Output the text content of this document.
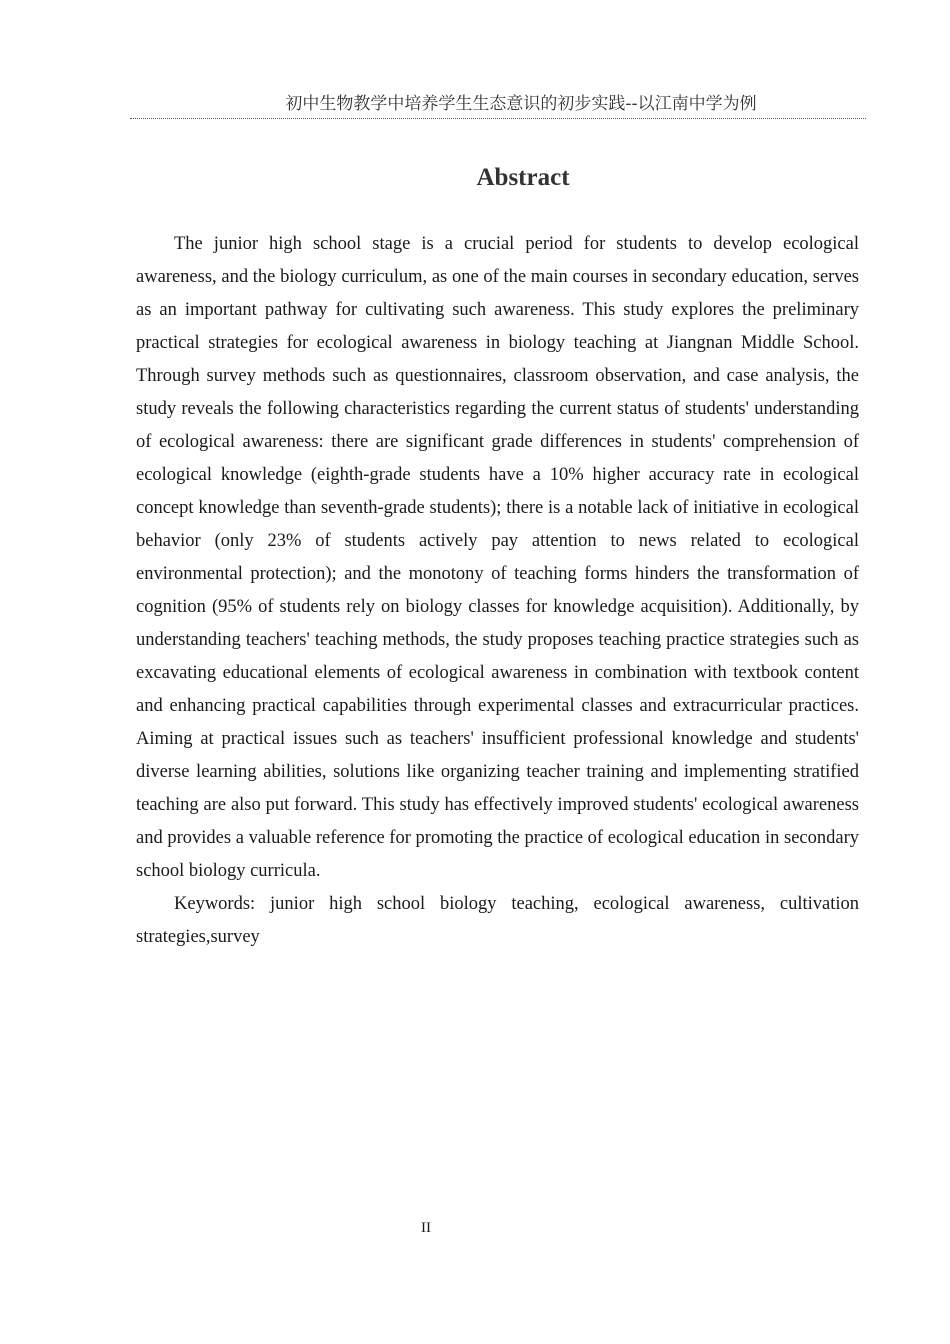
初中生物教学中培养学生生态意识的初步实践--以江南中学为例
Abstract

The junior high school stage is a crucial period for students to develop ecological awareness, and the biology curriculum, as one of the main courses in secondary education, serves as an important pathway for cultivating such awareness. This study explores the preliminary practical strategies for ecological awareness in biology teaching at Jiangnan Middle School. Through survey methods such as questionnaires, classroom observation, and case analysis, the study reveals the following characteristics regarding the current status of students' understanding of ecological awareness: there are significant grade differences in students' comprehension of ecological knowledge (eighth-grade students have a 10% higher accuracy rate in ecological concept knowledge than seventh-grade students); there is a notable lack of initiative in ecological behavior (only 23% of students actively pay attention to news related to ecological environmental protection); and the monotony of teaching forms hinders the transformation of cognition (95% of students rely on biology classes for knowledge acquisition). Additionally, by understanding teachers' teaching methods, the study proposes teaching practice strategies such as excavating educational elements of ecological awareness in combination with textbook content and enhancing practical capabilities through experimental classes and extracurricular practices. Aiming at practical issues such as teachers' insufficient professional knowledge and students' diverse learning abilities, solutions like organizing teacher training and implementing stratified teaching are also put forward. This study has effectively improved students' ecological awareness and provides a valuable reference for promoting the practice of ecological education in secondary school biology curricula.

Keywords: junior high school biology teaching, ecological awareness, cultivation strategies,survey

II
